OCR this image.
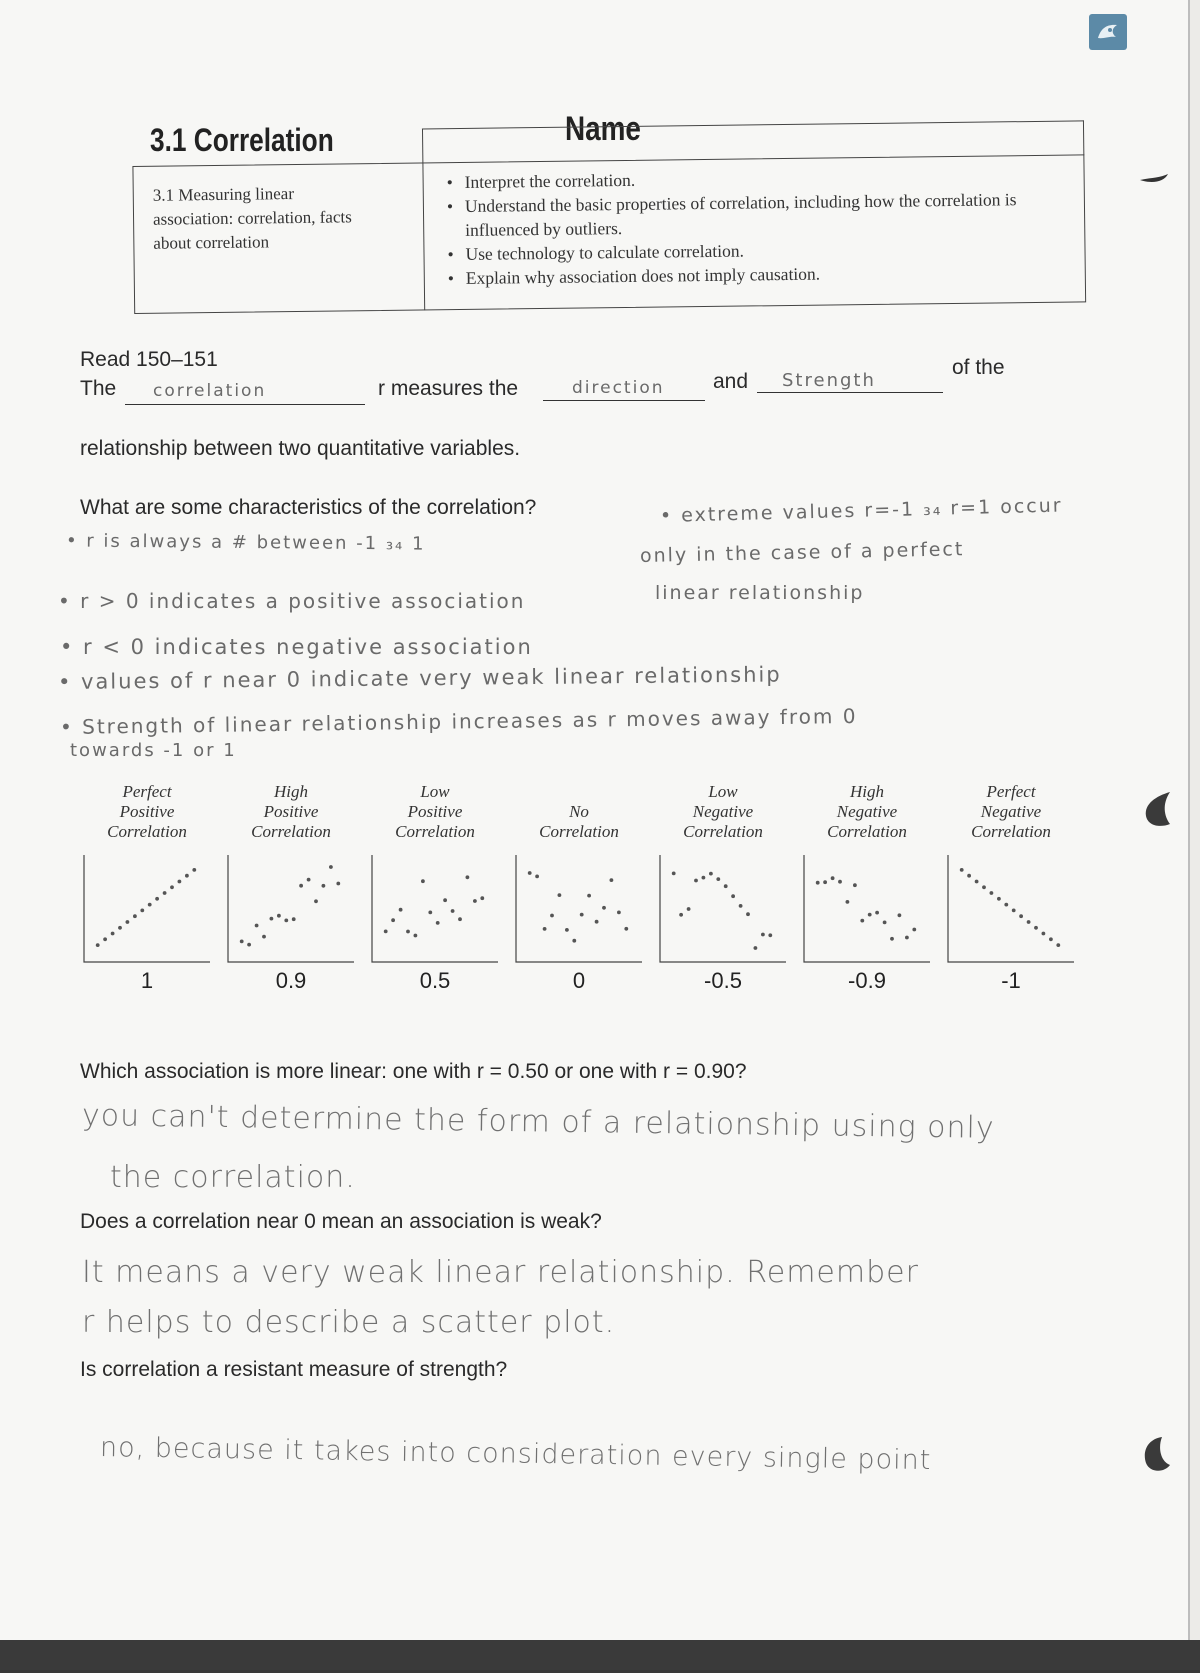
3.1 Correlation	Name
3.1 Measuring linear
association: correlation, facts
about correlation
• Interpret the correlation.
• Understand the basic properties of correlation, including how the correlation is influenced by outliers.
• Use technology to calculate correlation.
• Explain why association does not imply causation.
Read 150–151
The correlation	r measures the	direction and Strength
of the
relationship between two quantitative variables.
What are some characteristics of the correlation?
• r is always a # between -1 ₃₄ 1
• r > 0 indicates a positive association
• r < 0 indicates negative association
• values of r near 0 indicate very weak linear relationship
• Strength of linear relationship increases as r moves away from 0
towards -1 or 1
• extreme values r=-1 ₃₄ r=1 occur
only in the case of a perfect
linear relationship
Perfect
Positive
Correlation
High
Positive
Correlation
Low
Positive
Correlation
No
Correlation
Low
Negative
Correlation
High
Negative
Correlation
Perfect
Negative
Correlation
1	0.9	0.5	0	-0.5	-0.9	-1
Which association is more linear: one with r = 0.50 or one with r = 0.90?
you can't determine the form of a relationship using only
the correlation.
Does a correlation near 0 mean an association is weak?
It means a very weak linear relationship. Remember
r helps to describe a scatter plot.
Is correlation a resistant measure of strength?
no, because it takes into consideration every single point
